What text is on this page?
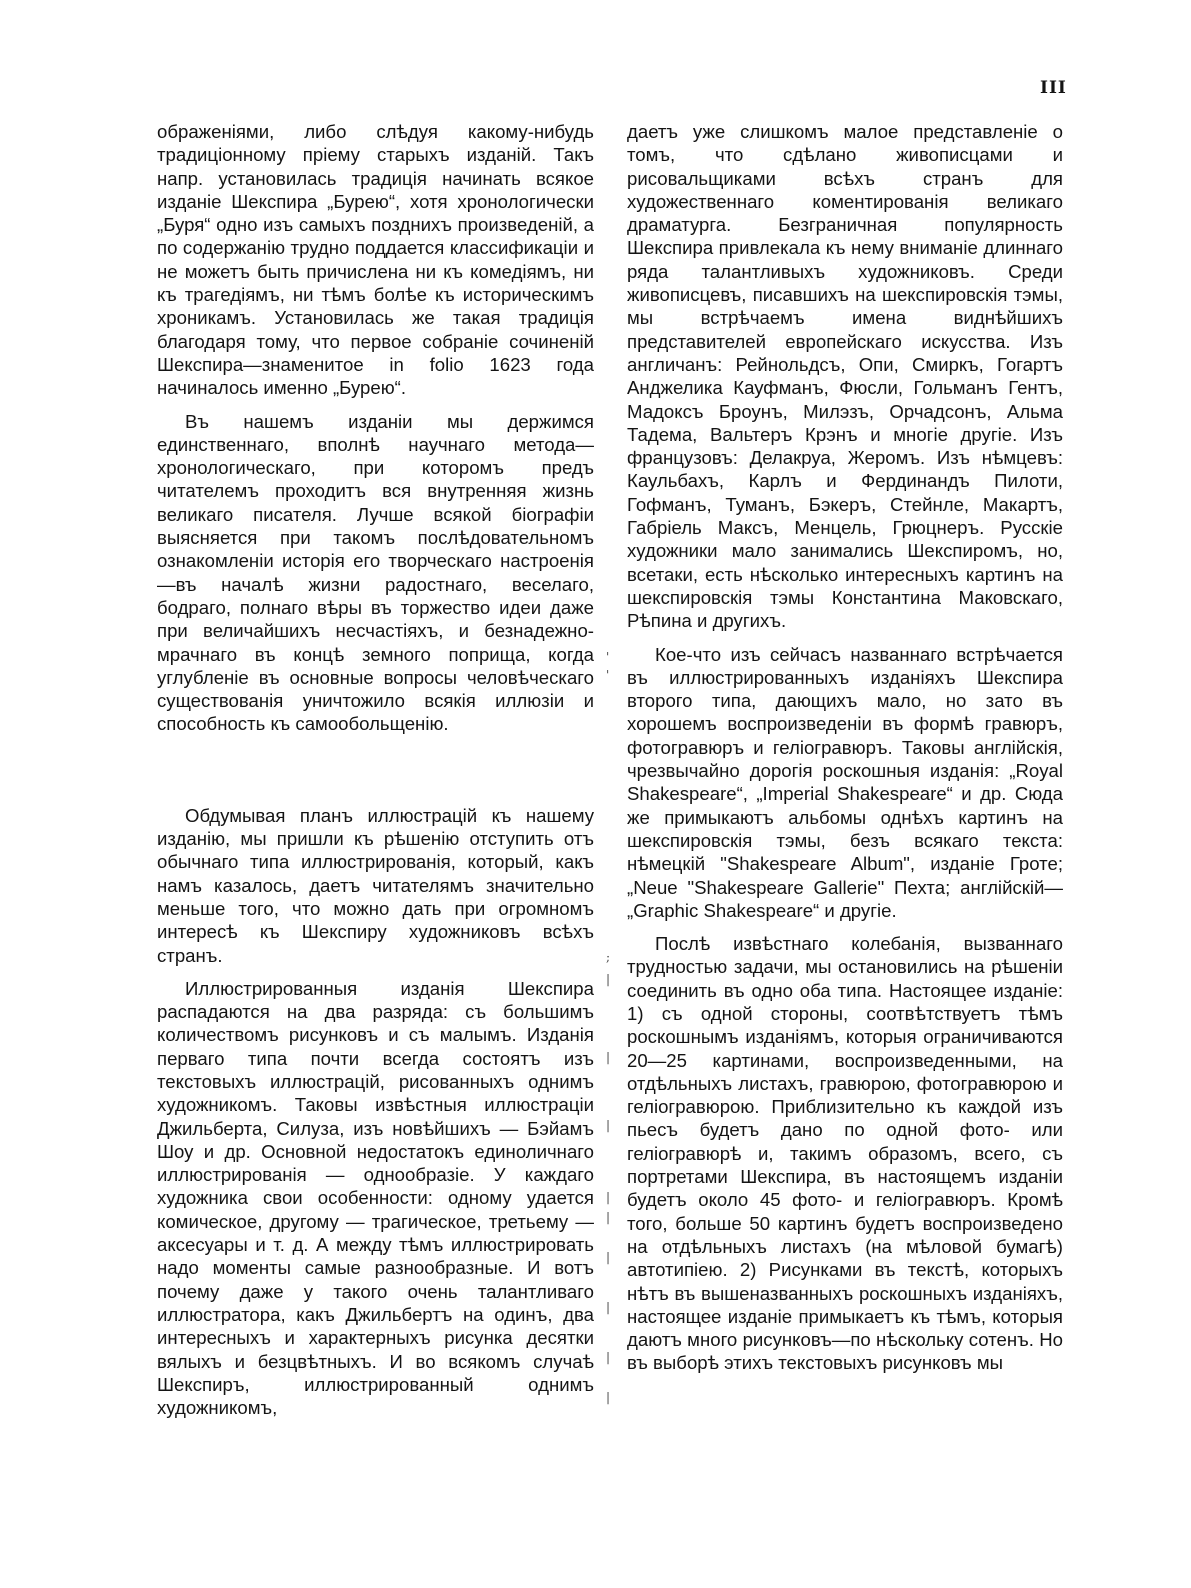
III

ображеніями, либо слѣдуя какому-нибудь традиціонному пріему старыхъ изданій. Такъ напр. установилась традиція начинать всякое изданіе Шекспира „Бурею“, хотя хронологически „Буря“ одно изъ самыхъ позднихъ произведеній, а по содержанію трудно поддается классификаціи и не можетъ быть причислена ни къ комедіямъ, ни къ трагедіямъ, ни тѣмъ болѣе къ историческимъ хроникамъ. Установилась же такая традиція благодаря тому, что первое собраніе сочиненій Шекспира—знаменитое in folio 1623 года начиналось именно „Бурею“.

Въ нашемъ изданіи мы держимся единственнаго, вполнѣ научнаго метода—хронологическаго, при которомъ предъ читателемъ проходитъ вся внутренняя жизнь великаго писателя. Лучше всякой біографіи выясняется при такомъ послѣдовательномъ ознакомленіи исторія его творческаго настроенія—въ началѣ жизни радостнаго, веселаго, бодраго, полнаго вѣры въ торжество идеи даже при величайшихъ несчастіяхъ, и безнадежно-мрачнаго въ концѣ земного поприща, когда углубленіе въ основные вопросы человѣческаго существованія уничтожило всякія иллюзіи и способность къ самообольщенію.

Обдумывая планъ иллюстрацій къ нашему изданію, мы пришли къ рѣшенію отступить отъ обычнаго типа иллюстрированія, который, какъ намъ казалось, даетъ читателямъ значительно меньше того, что можно дать при огромномъ интересѣ къ Шекспиру художниковъ всѣхъ странъ.

Иллюстрированныя изданія Шекспира распадаются на два разряда: съ большимъ количествомъ рисунковъ и съ малымъ. Изданія перваго типа почти всегда состоятъ изъ текстовыхъ иллюстрацій, рисованныхъ однимъ художникомъ. Таковы извѣстныя иллюстраціи Джильберта, Силуза, изъ новѣйшихъ — Бэйамъ Шоу и др. Основной недостатокъ единоличнаго иллюстрированія — однообразіе. У каждаго художника свои особенности: одному удается комическое, другому — трагическое, третьему — аксесуары и т. д. А между тѣмъ иллюстрировать надо моменты самые разнообразные. И вотъ почему даже у такого очень талантливаго иллюстратора, какъ Джильбертъ на одинъ, два интересныхъ и характерныхъ рисунка десятки вялыхъ и безцвѣтныхъ. И во всякомъ случаѣ Шекспиръ, иллюстрированный однимъ художникомъ,

'
'
;
|
|
|
|
|
|
|
|
|

даетъ уже слишкомъ малое представленіе о томъ, что сдѣлано живописцами и рисовальщиками всѣхъ странъ для художественнаго коментированія великаго драматурга. Безграничная популярность Шекспира привлекала къ нему вниманіе длиннаго ряда талантливыхъ художниковъ. Среди живописцевъ, писавшихъ на шекспировскія тэмы, мы встрѣчаемъ имена виднѣйшихъ представителей европейскаго искусства. Изъ англичанъ: Рейнольдсъ, Опи, Смиркъ, Гогартъ Анджелика Кауфманъ, Фюсли, Гольманъ Гентъ, Мадоксъ Броунъ, Милэзъ, Орчадсонъ, Альма Тадема, Вальтеръ Крэнъ и многіе другіе. Изъ французовъ: Делакруа, Жеромъ. Изъ нѣмцевъ: Каульбахъ, Карлъ и Фердинандъ Пилоти, Гофманъ, Туманъ, Бэкеръ, Стейнле, Макартъ, Габріель Максъ, Менцель, Грюцнеръ. Русскіе художники мало занимались Шекспиромъ, но, всетаки, есть нѣсколько интересныхъ картинъ на шекспировскія тэмы Константина Маковскаго, Рѣпина и другихъ.

Кое-что изъ сейчасъ названнаго встрѣчается въ иллюстрированныхъ изданіяхъ Шекспира второго типа, дающихъ мало, но зато въ хорошемъ воспроизведеніи въ формѣ гравюръ, фотогравюръ и геліогравюръ. Таковы англійскія, чрезвычайно дорогія роскошныя изданія: „Royal Shakespeare“, „Imperial Shakespeare“ и др. Сюда же примыкаютъ альбомы однѣхъ картинъ на шекспировскія тэмы, безъ всякаго текста: нѣмецкій "Shakespeare Album", изданіе Гроте; „Neue "Shakespeare Gallerie" Пехта; англійскій—„Graphic Shakespeare“ и другіе.

Послѣ извѣстнаго колебанія, вызваннаго трудностью задачи, мы остановились на рѣшеніи соединить въ одно оба типа. Настоящее изданіе: 1) съ одной стороны, соотвѣтствуетъ тѣмъ роскошнымъ изданіямъ, которыя ограничиваются 20—25 картинами, воспроизведенными, на отдѣльныхъ листахъ, гравюрою, фотогравюрою и геліогравюрою. Приблизительно къ каждой изъ пьесъ будетъ дано по одной фото- или геліогравюрѣ и, такимъ образомъ, всего, съ портретами Шекспира, въ настоящемъ изданіи будетъ около 45 фото- и геліогравюръ. Кромѣ того, больше 50 картинъ будетъ воспроизведено на отдѣльныхъ листахъ (на мѣловой бумагѣ) автотипіею. 2) Рисунками въ текстѣ, которыхъ нѣтъ въ вышеназванныхъ роскошныхъ изданіяхъ, настоящее изданіе примыкаетъ къ тѣмъ, которыя даютъ много рисунковъ—по нѣскольку сотенъ. Но въ выборѣ этихъ текстовыхъ рисунковъ мы
